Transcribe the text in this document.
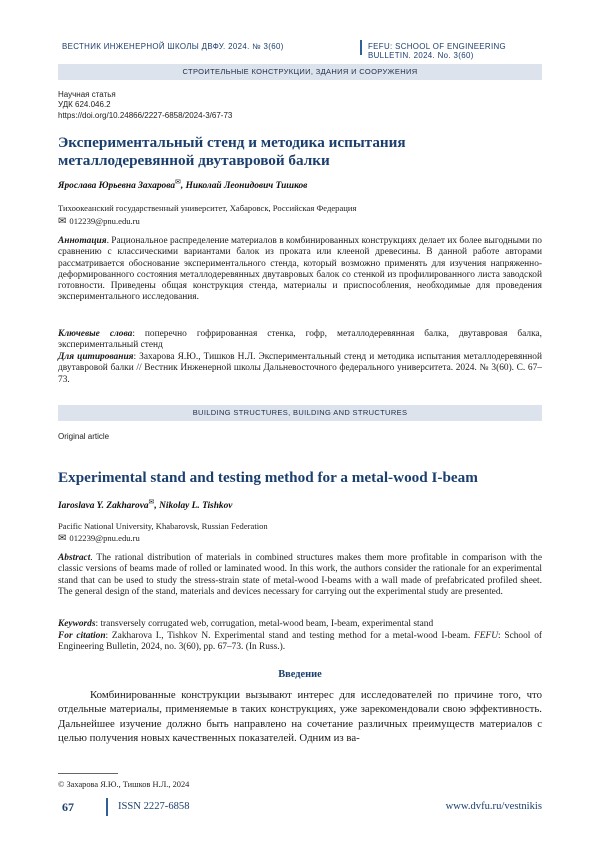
ВЕСТНИК ИНЖЕНЕРНОЙ ШКОЛЫ ДВФУ. 2024. № 3(60)	FEFU: SCHOOL OF ENGINEERING BULLETIN. 2024. No. 3(60)
СТРОИТЕЛЬНЫЕ КОНСТРУКЦИИ, ЗДАНИЯ И СООРУЖЕНИЯ
Научная статья
УДК 624.046.2
https://doi.org/10.24866/2227-6858/2024-3/67-73
Экспериментальный стенд и методика испытания
металлодеревянной двутавровой балки
Ярослава Юрьевна Захарова✉, Николай Леонидович Тишков
Тихоокеанский государственный университет, Хабаровск, Российская Федерация
✉ 012239@pnu.edu.ru
Аннотация. Рациональное распределение материалов в комбинированных конструкциях делает их более выгодными по сравнению с классическими вариантами балок из проката или клееной древесины. В данной работе авторами рассматривается обоснование экспериментального стенда, который возможно применять для изучения напряженно-деформированного состояния металлодеревянных двутавровых балок со стенкой из профилированного листа заводской готовности. Приведены общая конструкция стенда, материалы и приспособления, необходимые для проведения экспериментального исследования.
Ключевые слова: поперечно гофрированная стенка, гофр, металлодеревянная балка, двутавровая балка, экспериментальный стенд
Для цитирования: Захарова Я.Ю., Тишков Н.Л. Экспериментальный стенд и методика испытания металлодеревянной двутавровой балки // Вестник Инженерной школы Дальневосточного федерального университета. 2024. № 3(60). С. 67–73.
BUILDING STRUCTURES, BUILDING AND STRUCTURES
Original article
Experimental stand and testing method for a metal-wood I-beam
Iaroslava Y. Zakharova✉, Nikolay L. Tishkov
Pacific National University, Khabarovsk, Russian Federation
✉ 012239@pnu.edu.ru
Abstract. The rational distribution of materials in combined structures makes them more profitable in comparison with the classic versions of beams made of rolled or laminated wood. In this work, the authors consider the rationale for an experimental stand that can be used to study the stress-strain state of metal-wood I-beams with a wall made of prefabricated profiled sheet. The general design of the stand, materials and devices necessary for carrying out the experimental study are presented.
Keywords: transversely corrugated web, corrugation, metal-wood beam, I-beam, experimental stand
For citation: Zakharova I., Tishkov N. Experimental stand and testing method for a metal-wood I-beam. FEFU: School of Engineering Bulletin, 2024, no. 3(60), pp. 67–73. (In Russ.).
Введение
Комбинированные конструкции вызывают интерес для исследователей по причине того, что отдельные материалы, применяемые в таких конструкциях, уже зарекомендовали свою эффективность. Дальнейшее изучение должно быть направлено на сочетание различных преимуществ материалов с целью получения новых качественных показателей. Одним из ва-
© Захарова Я.Ю., Тишков Н.Л., 2024
67	ISSN 2227-6858	www.dvfu.ru/vestnikis
